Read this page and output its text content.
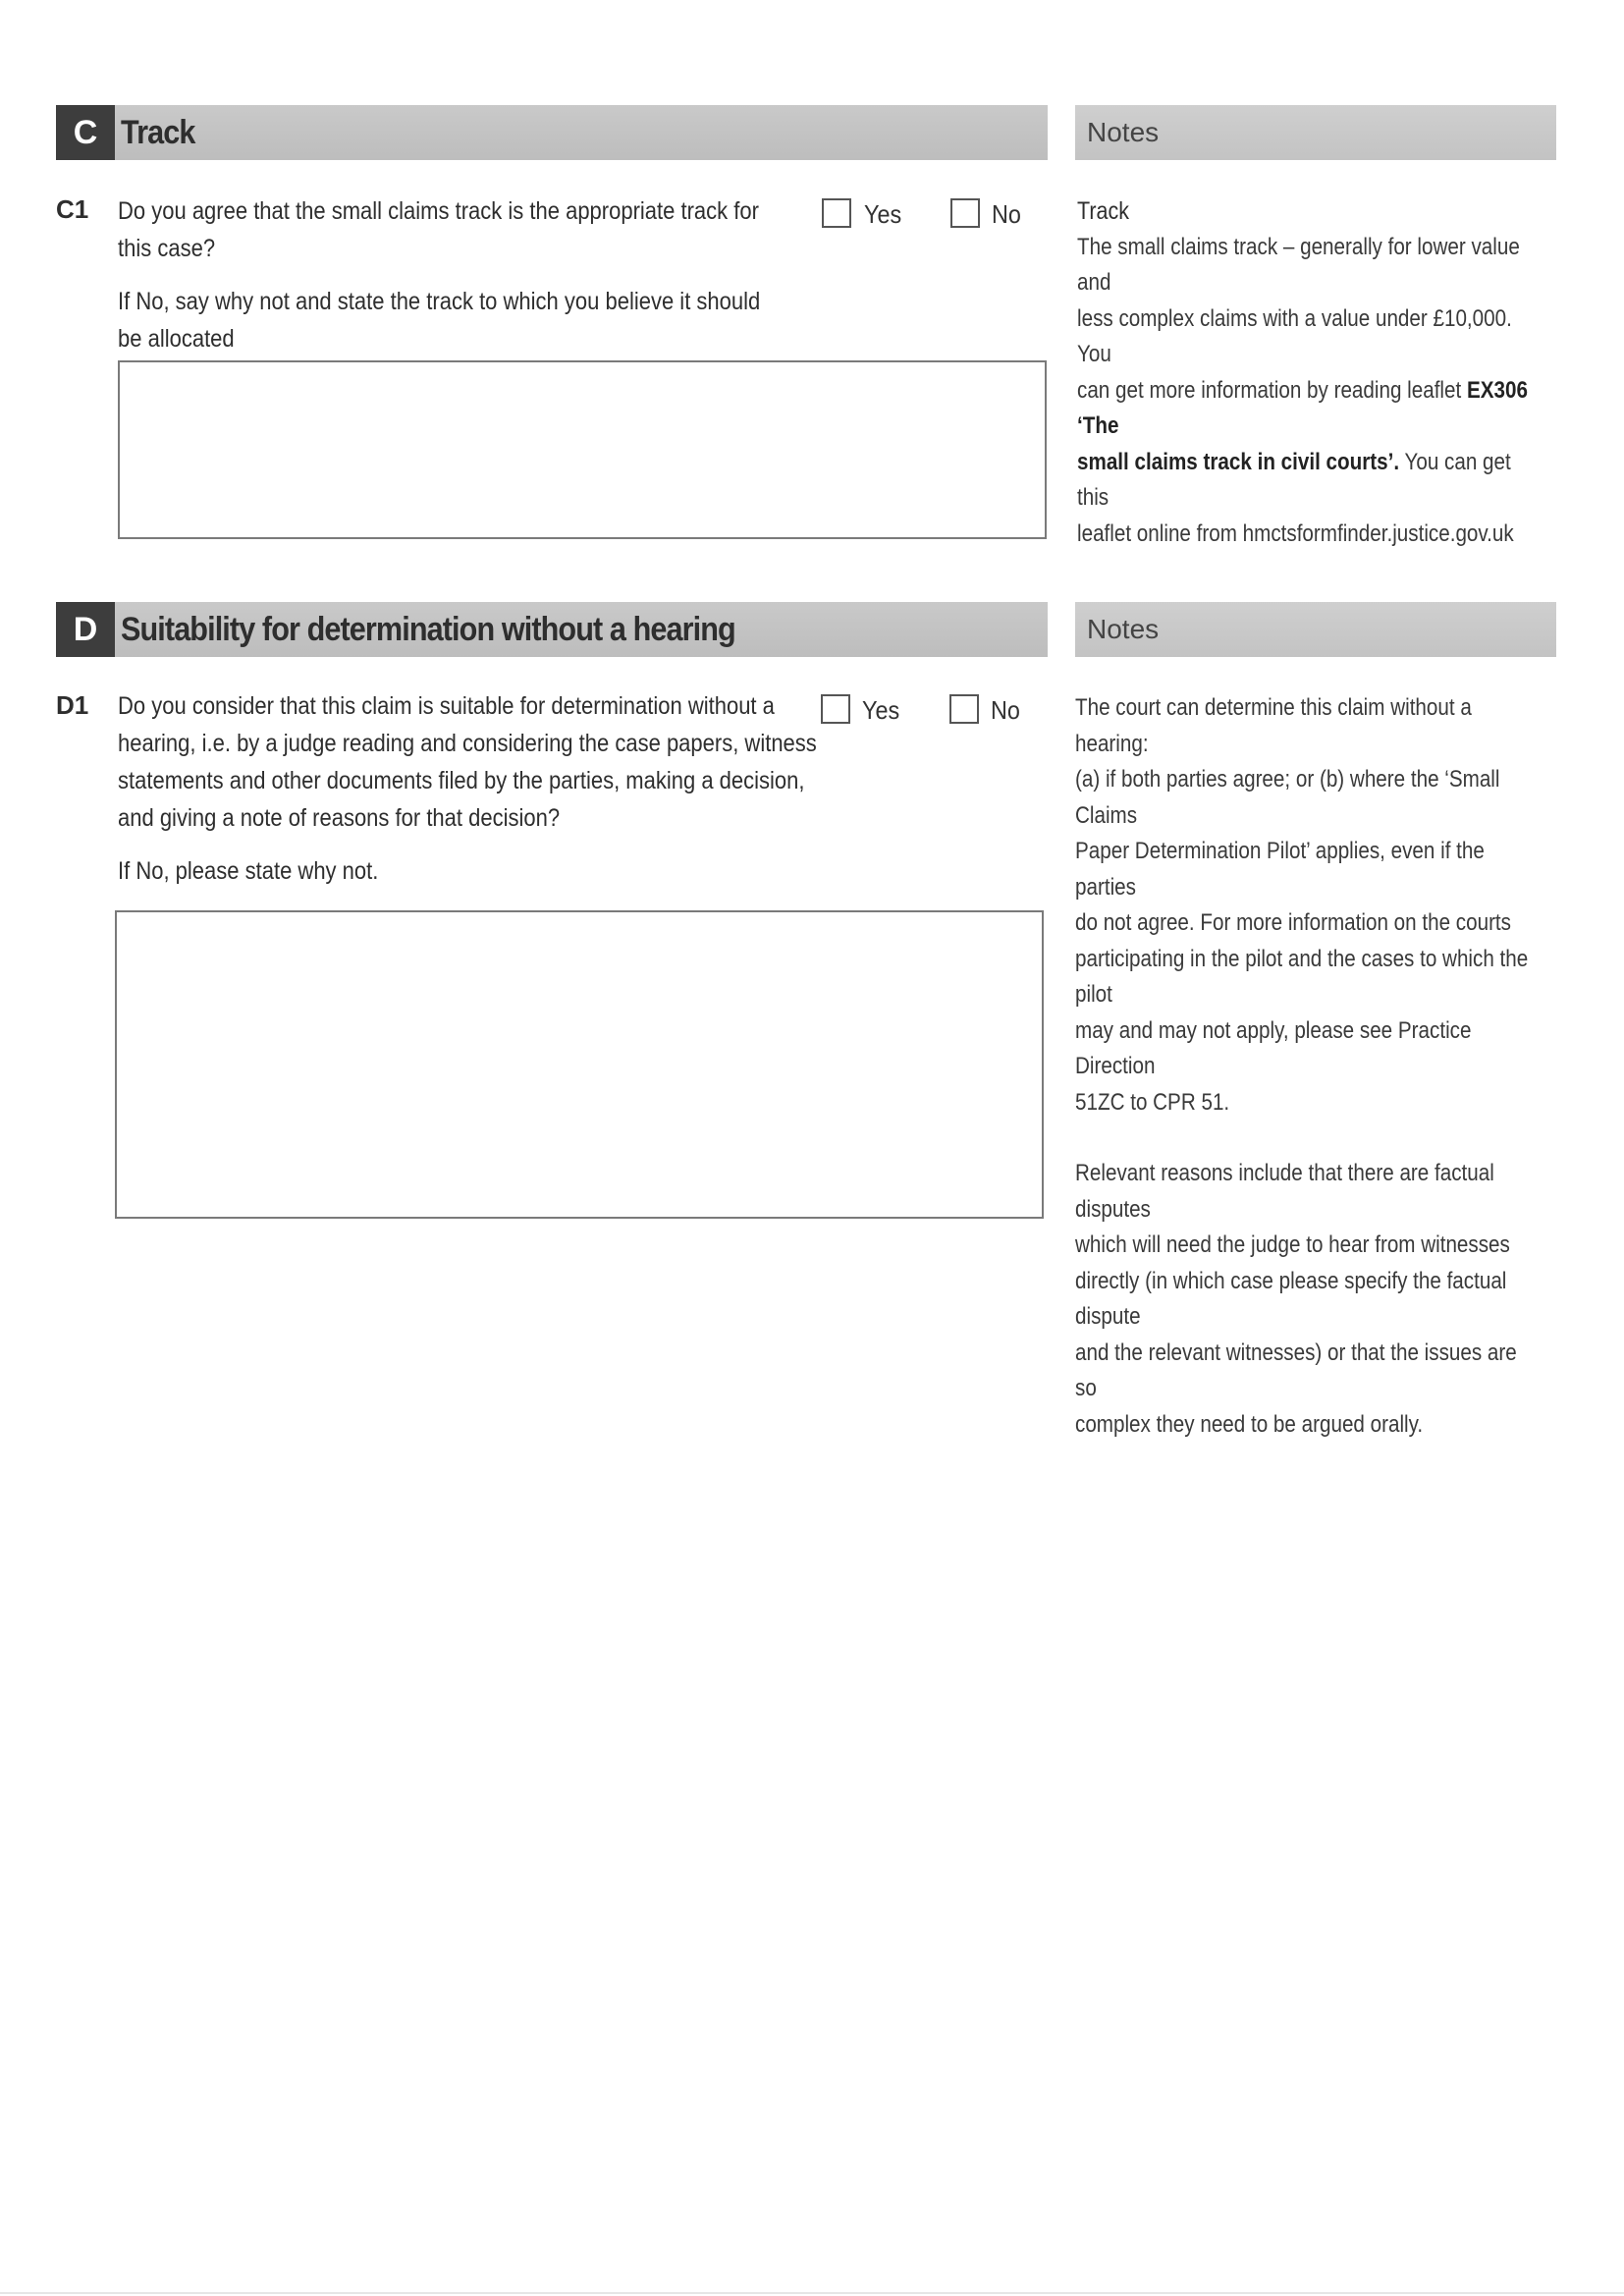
C Track	Notes
C1 Do you agree that the small claims track is the appropriate track for
this case?
If No, say why not and state the track to which you believe it should
be allocated
Yes	No Track
The small claims track – generally for lower value and
less complex claims with a value under £10,000. You
can get more information by reading leaflet EX306 ‘The
small claims track in civil courts’. You can get this
leaflet online from hmctsformfinder.justice.gov.uk
D Suitability for determination without a hearing	Notes
D1 Do you consider that this claim is suitable for determination without a
hearing, i.e. by a judge reading and considering the case papers, witness
statements and other documents filed by the parties, making a decision,
and giving a note of reasons for that decision?
If No, please state why not.
Yes	No The court can determine this claim without a hearing:
(a) if both parties agree; or (b) where the ‘Small Claims
Paper Determination Pilot’ applies, even if the parties
do not agree. For more information on the courts
participating in the pilot and the cases to which the pilot
may and may not apply, please see Practice Direction
51ZC to CPR 51.
Relevant reasons include that there are factual disputes
which will need the judge to hear from witnesses
directly (in which case please specify the factual dispute
and the relevant witnesses) or that the issues are so
complex they need to be argued orally.
